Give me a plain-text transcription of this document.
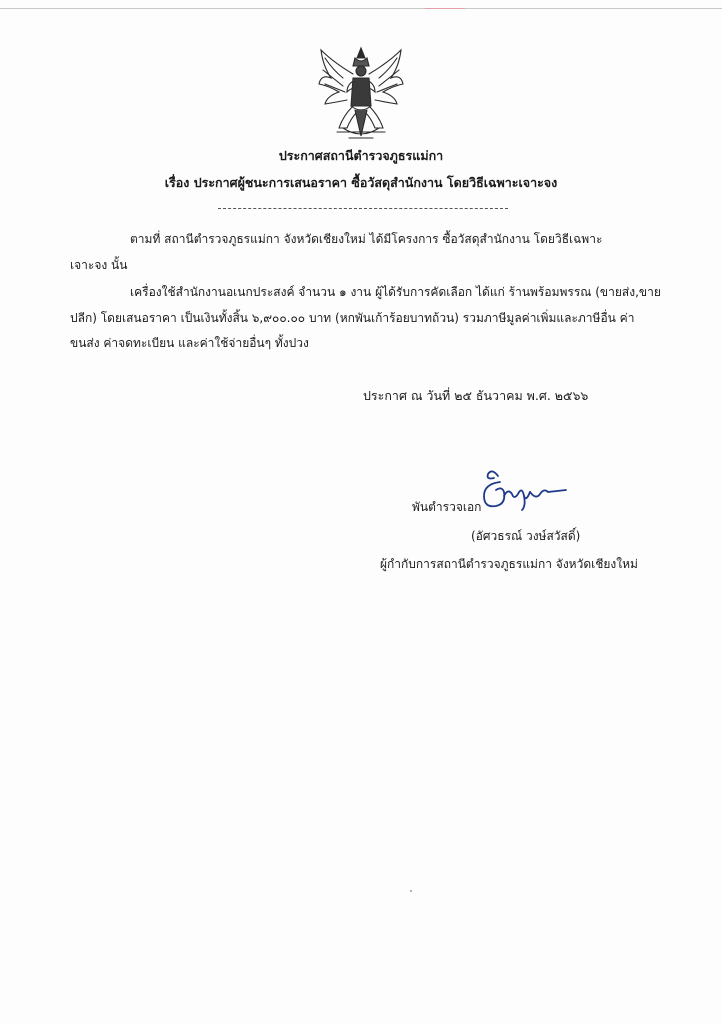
ประกาศสถานีตำรวจภูธรแม่กา
เรื่อง ประกาศผู้ชนะการเสนอราคา ซื้อวัสดุสำนักงาน โดยวิธีเฉพาะเจาะจง
ตามที่ สถานีตำรวจภูธรแม่กา จังหวัดเชียงใหม่ ได้มีโครงการ ซื้อวัสดุสำนักงาน โดยวิธีเฉพาะ
เจาะจง นั้น
เครื่องใช้สำนักงานอเนกประสงค์ จำนวน ๑ งาน ผู้ได้รับการคัดเลือก ได้แก่ ร้านพร้อมพรรณ (ขายส่ง,ขาย
ปลีก) โดยเสนอราคา เป็นเงินทั้งสิ้น ๖,๙๐๐.๐๐ บาท (หกพันเก้าร้อยบาทถ้วน) รวมภาษีมูลค่าเพิ่มและภาษีอื่น ค่า
ขนส่ง ค่าจดทะเบียน และค่าใช้จ่ายอื่นๆ ทั้งปวง
ประกาศ ณ วันที่ ๒๕ ธันวาคม พ.ศ. ๒๕๖๖
พันตำรวจเอก
(อัศวธรณ์ วงษ์สวัสดิ์)
ผู้กำกับการสถานีตำรวจภูธรแม่กา จังหวัดเชียงใหม่
